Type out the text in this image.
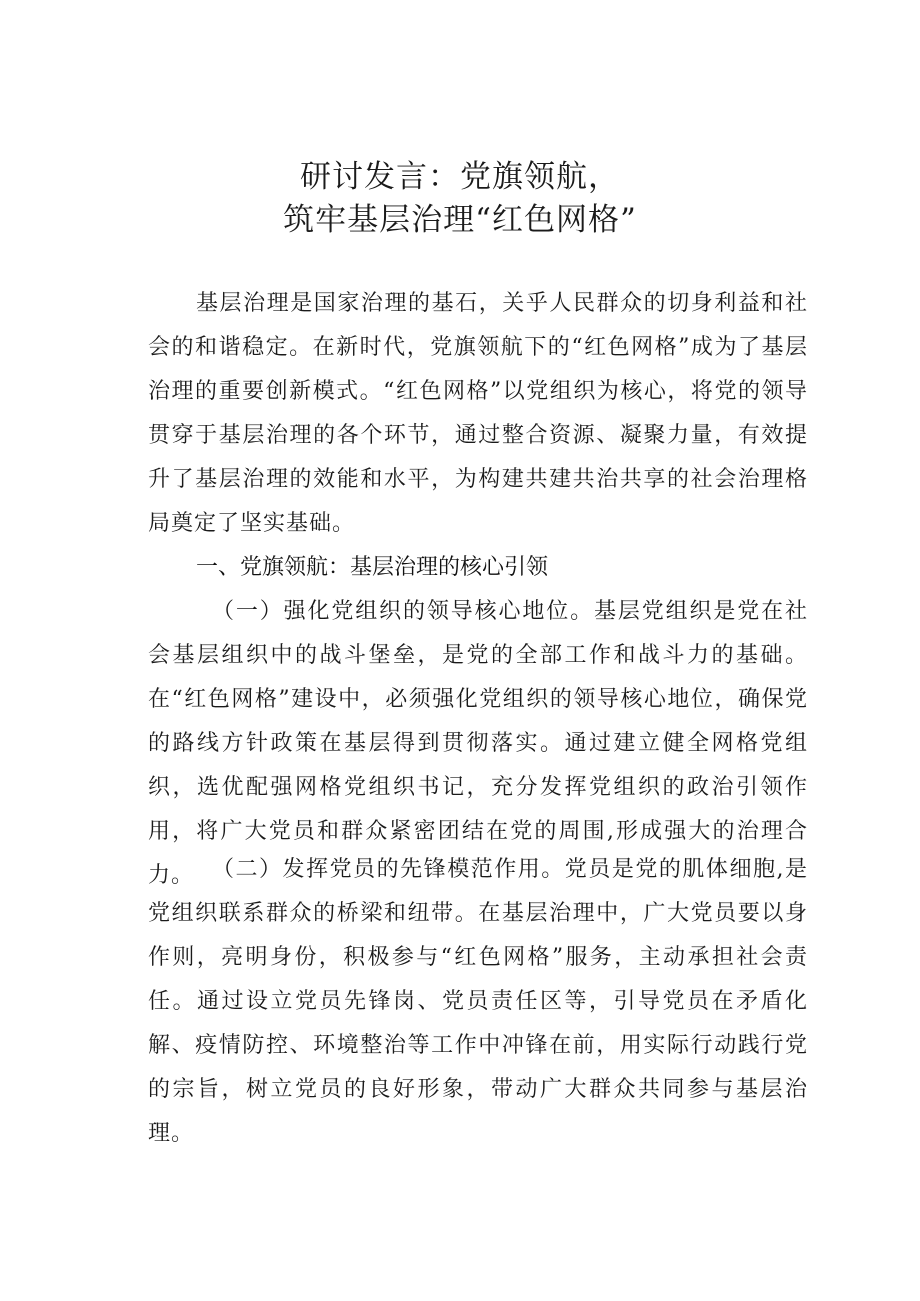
研讨发言：党旗领航，
筑牢基层治理“红色网格”

基层治理是国家治理的基石，关乎人民群众的切身利益和社会的和谐稳定。在新时代，党旗领航下的“红色网格”成为了基层治理的重要创新模式。“红色网格”以党组织为核心，将党的领导贯穿于基层治理的各个环节，通过整合资源、凝聚力量，有效提升了基层治理的效能和水平，为构建共建共治共享的社会治理格局奠定了坚实基础。

一、党旗领航：基层治理的核心引领

（一）强化党组织的领导核心地位。基层党组织是党在社会基层组织中的战斗堡垒，是党的全部工作和战斗力的基础。在“红色网格”建设中，必须强化党组织的领导核心地位，确保党的路线方针政策在基层得到贯彻落实。通过建立健全网格党组织，选优配强网格党组织书记，充分发挥党组织的政治引领作用，将广大党员和群众紧密团结在党的周围,形成强大的治理合力。 （二）发挥党员的先锋模范作用。党员是党的肌体细胞,是党组织联系群众的桥梁和纽带。在基层治理中，广大党员要以身作则，亮明身份，积极参与“红色网格”服务，主动承担社会责任。通过设立党员先锋岗、党员责任区等，引导党员在矛盾化解、疫情防控、环境整治等工作中冲锋在前，用实际行动践行党的宗旨，树立党员的良好形象，带动广大群众共同参与基层治理。
